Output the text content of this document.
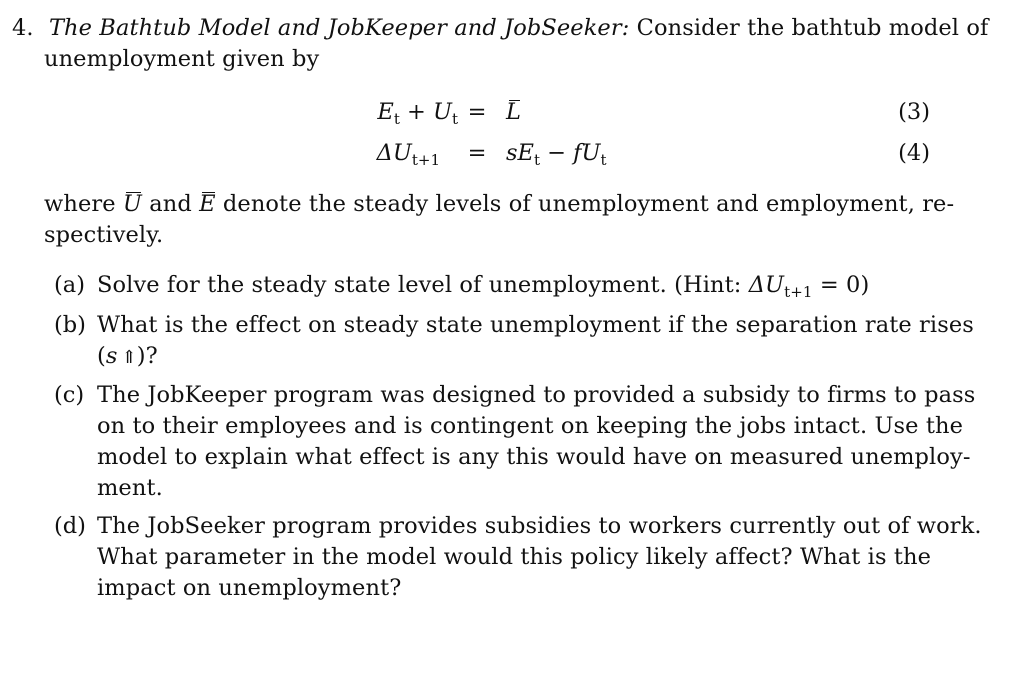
4. The Bathtub Model and JobKeeper and JobSeeker: Consider the bathtub model of
unemployment given by
$E_t + U_t = L$	(3)
$\Delta U_{t+1} = sE_t - fU_t$	(4)
where U and E denote the steady levels of unemployment and employment, re-
spectively.
(a) Solve for the steady state level of unemployment. (Hint: $\Delta U_{t+1} = 0$)
(b) What is the effect on steady state unemployment if the separation rate rises
(s ⇑)?
(c) The JobKeeper program was designed to provided a subsidy to firms to pass
on to their employees and is contingent on keeping the jobs intact. Use the
model to explain what effect is any this would have on measured unemploy-
ment.
(d) The JobSeeker program provides subsidies to workers currently out of work.
What parameter in the model would this policy likely affect? What is the
impact on unemployment?
